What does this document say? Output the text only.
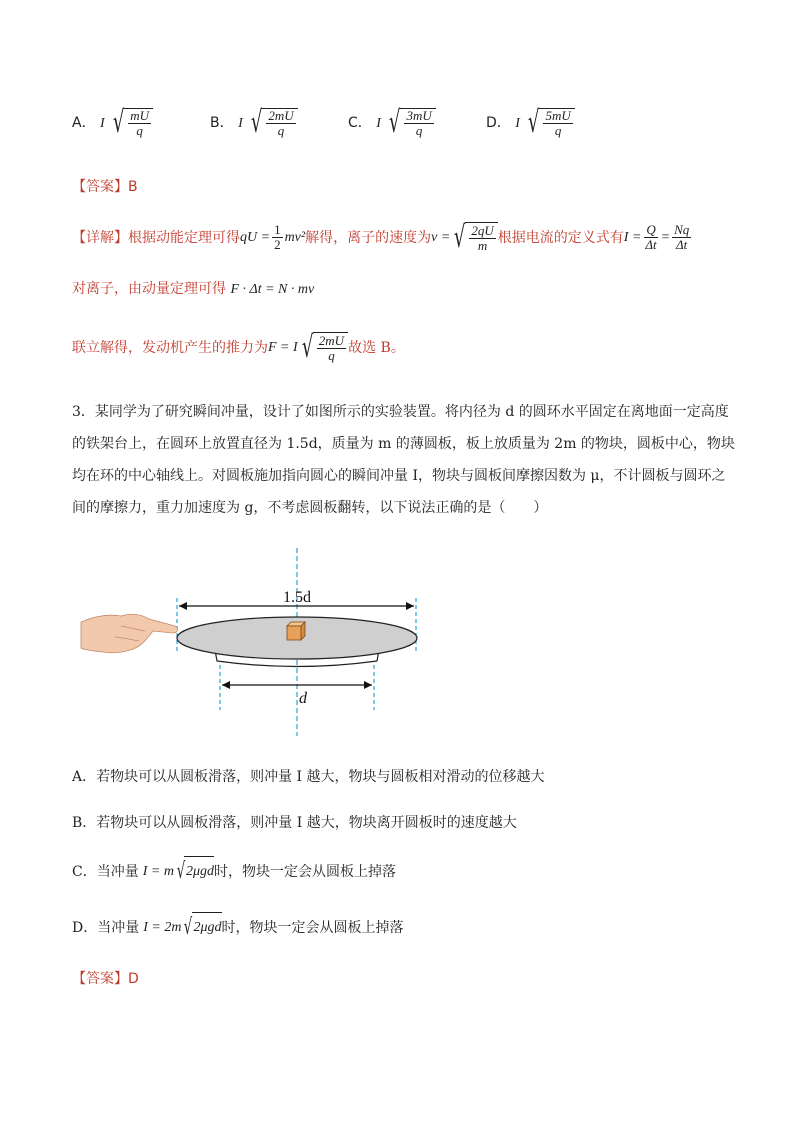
A． I √ $\frac{mU}{q}$	B． I √ $\frac{2mU}{q}$	C． I √ $\frac{3mU}{q}$	D． I √ $\frac{5mU}{q}$
【答案】B
【详解】 根据动能定理可得 qU = $\frac{1}{2} mv^2$ 解得，离子的速度为 v = √ $\frac{2qU}{m}$ 根据电流的定义式有 $I = \frac{Q}{\Delta t} = \frac{Nq}{\Delta t}$
对离子，由动量定理可得 F · Δt = N · mv
联立解得，发动机产生的推力为 F = I √ $\frac{2mU}{q}$ 故选 B。
3．某同学为了研究瞬间冲量，设计了如图所示的实验装置。将内径为 d 的圆环水平固定在离地面一定高度
的铁架台上，在圆环上放置直径为 1.5d，质量为 m 的薄圆板，板上放质量为 2m 的物块，圆板中心，物块
均在环的中心轴线上。对圆板施加指向圆心的瞬间冲量 I，物块与圆板间摩擦因数为 μ，不计圆板与圆环之
间的摩擦力，重力加速度为 g，不考虑圆板翻转，以下说法正确的是（　　）
1.5d
d
A．若物块可以从圆板滑落，则冲量 I 越大，物块与圆板相对滑动的位移越大
B．若物块可以从圆板滑落，则冲量 I 越大，物块离开圆板时的速度越大
C．当冲量 I = m √ 2μgd 时，物块一定会从圆板上掉落
D．当冲量 I = 2m √ 2μgd 时，物块一定会从圆板上掉落
【答案】D
